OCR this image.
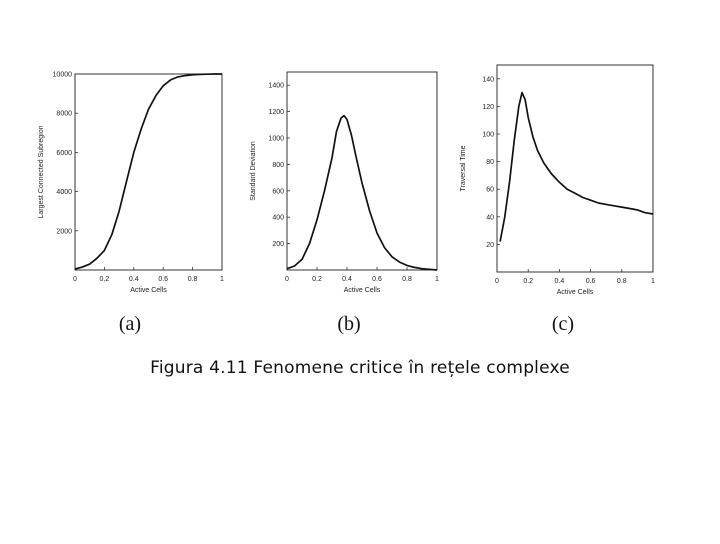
0	0.2	0.4	0.6	0.8	1
2000
4000
6000
8000
10000
Active Cells
Largest Connected Subregion
(a)
0	0.2	0.4	0.6	0.8	1
200
400
600
800
1000
1200
1400
Active Cells
Standard Deviation
(b)
0	0.2	0.4	0.6	0.8	1
20
40
60
80
100
120
140
Active Cells
Traversal Time
(c)
Figura 4.11 Fenomene critice în rețele complexe
